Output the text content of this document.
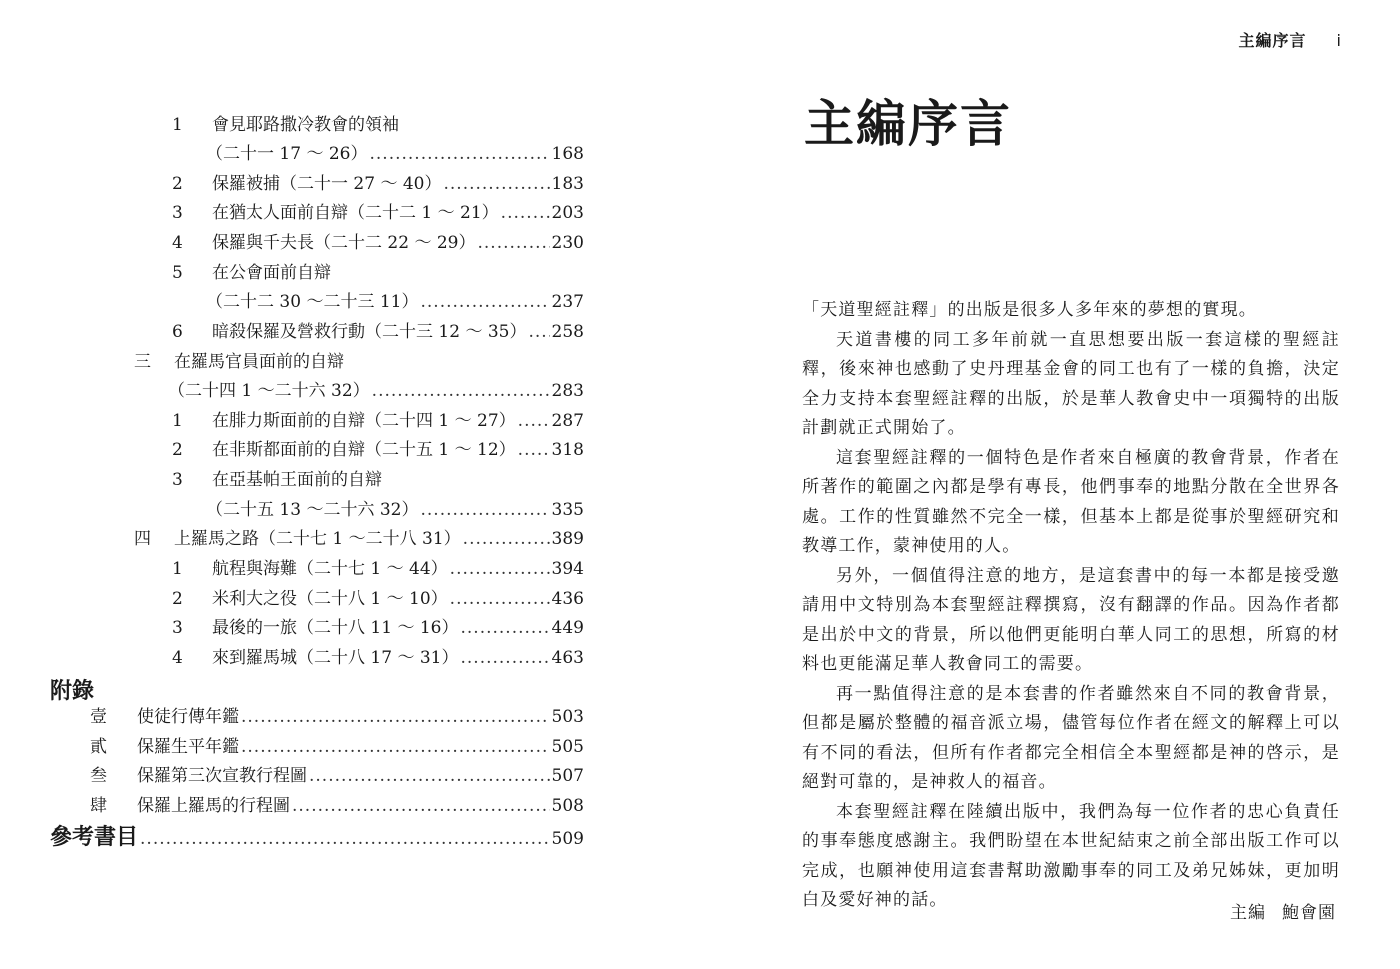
1	會見耶路撒冷教會的領袖
（二十一 17 ～ 26） .....	168
2	保羅被捕（二十一 27 ～ 40） .....	183
3	在猶太人面前自辯（二十二 1 ～ 21） .....	203
4	保羅與千夫長（二十二 22 ～ 29） .....	230
5	在公會面前自辯
（二十二 30 ～二十三 11） .....	237
6	暗殺保羅及營救行動（二十三 12 ～ 35） ..... 258
三	在羅馬官員面前的自辯
（二十四 1 ～二十六 32） .....	283
1	在腓力斯面前的自辯（二十四 1 ～ 27） ..... 287
2	在非斯都面前的自辯（二十五 1 ～ 12） ..... 318
3	在亞基帕王面前的自辯
（二十五 13 ～二十六 32） .....	335
四	上羅馬之路（二十七 1 ～二十八 31） .....	389
1	航程與海難（二十七 1 ～ 44） .....	394
2	米利大之役（二十八 1 ～ 10） .....	436
3	最後的一旅（二十八 11 ～ 16） .....	449
4	來到羅馬城（二十八 17 ～ 31） .....	463
附錄
壹	使徒行傳年鑑 .....	503
貳	保羅生平年鑑 .....	505
叁	保羅第三次宣教行程圖 .....	507
肆	保羅上羅馬的行程圖 .....	508
參考書目 .....	509
主編序言 i
主編序言

「天道聖經註釋」的出版是很多人多年來的夢想的實現。

天道書樓的同工多年前就一直思想要出版一套這樣的聖經註釋，後來神也感動了史丹理基金會的同工也有了一樣的負擔，決定全力支持本套聖經註釋的出版，於是華人教會史中一項獨特的出版計劃就正式開始了。

這套聖經註釋的一個特色是作者來自極廣的教會背景，作者在所著作的範圍之內都是學有專長，他們事奉的地點分散在全世界各處。工作的性質雖然不完全一樣，但基本上都是從事於聖經研究和教導工作，蒙神使用的人。

另外，一個值得注意的地方，是這套書中的每一本都是接受邀請用中文特別為本套聖經註釋撰寫，沒有翻譯的作品。因為作者都是出於中文的背景，所以他們更能明白華人同工的思想，所寫的材料也更能滿足華人教會同工的需要。

再一點值得注意的是本套書的作者雖然來自不同的教會背景，但都是屬於整體的福音派立場，儘管每位作者在經文的解釋上可以有不同的看法，但所有作者都完全相信全本聖經都是神的啓示，是絕對可靠的，是神救人的福音。

本套聖經註釋在陸續出版中，我們為每一位作者的忠心負責任的事奉態度感謝主。我們盼望在本世紀結束之前全部出版工作可以完成，也願神使用這套書幫助激勵事奉的同工及弟兄姊妹，更加明白及愛好神的話。

主編 鮑會園
